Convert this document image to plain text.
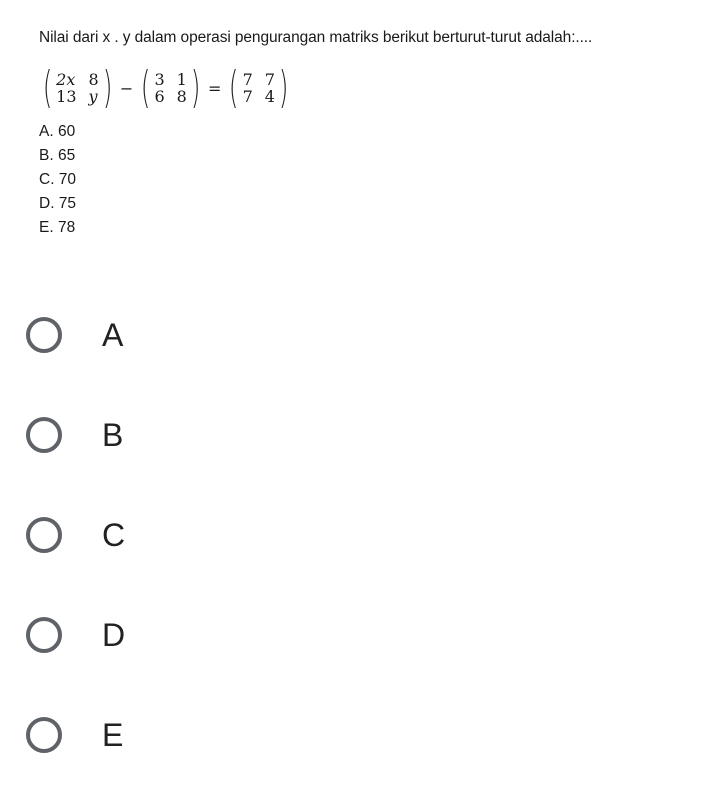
Nilai dari x . y dalam operasi pengurangan matriks berikut berturut-turut adalah:....

( 2x 8
13 y ) − ( 3 1
6 8 ) = ( 7 7
7 4 )
A. 60
B. 65
C. 70
D. 75
E. 78
A
B
C
D
E
